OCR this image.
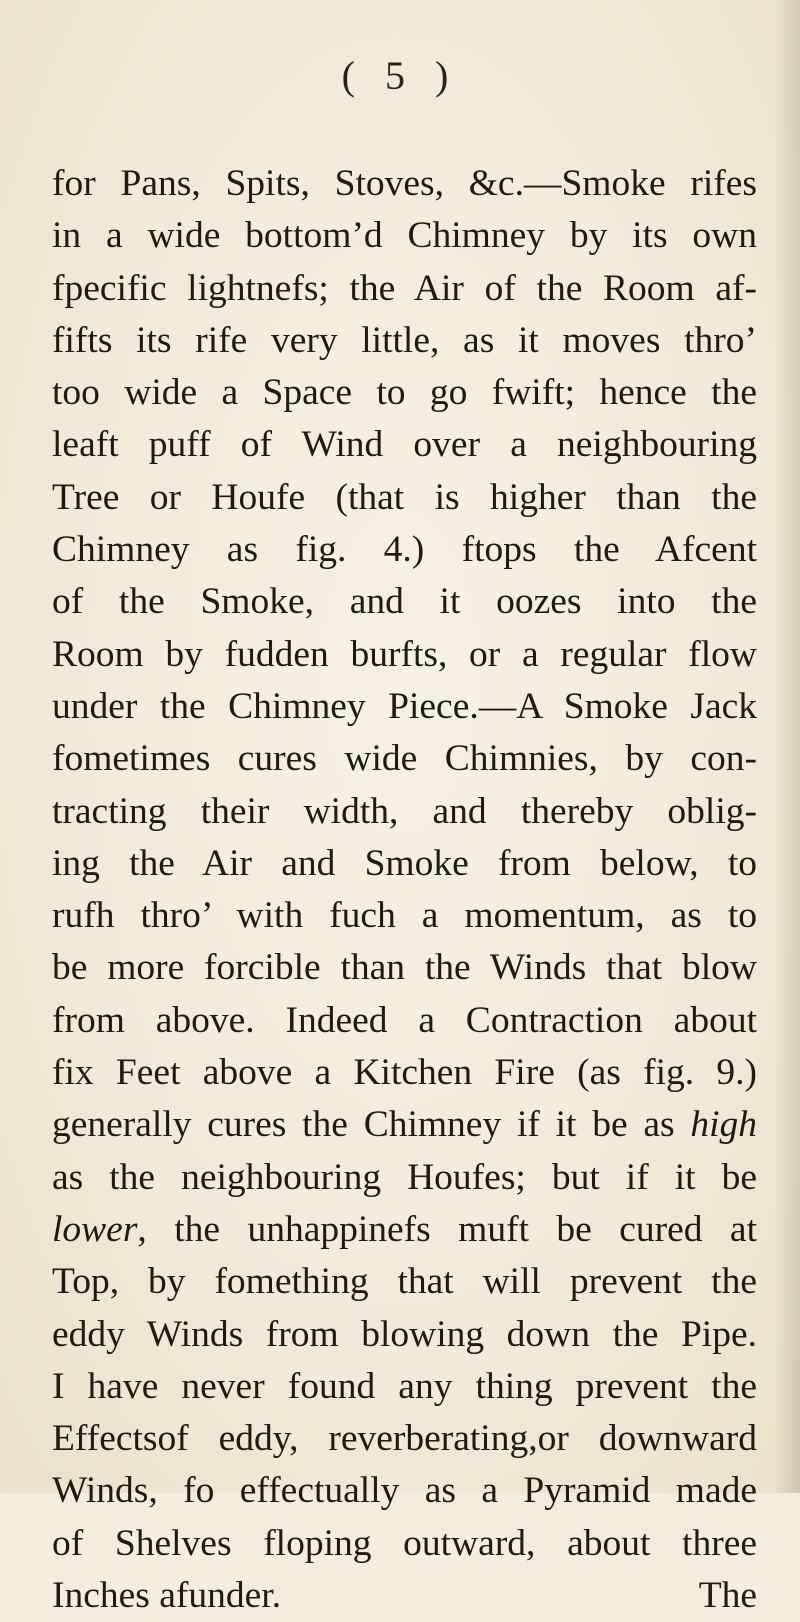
( 5 )
for Pans, Spits, Stoves, &c.—Smoke rifes
in a wide bottom’d Chimney by its own
fpecific lightnefs; the Air of the Room af-
fifts its rife very little, as it moves thro’
too wide a Space to go fwift; hence the
leaft puff of Wind over a neighbouring
Tree or Houfe (that is higher than the
Chimney as fig. 4.) ftops the Afcent
of the Smoke, and it oozes into the
Room by fudden burfts, or a regular flow
under the Chimney Piece.—A Smoke Jack
fometimes cures wide Chimnies, by con-
tracting their width, and thereby oblig-
ing the Air and Smoke from below, to
rufh thro’ with fuch a momentum, as to
be more forcible than the Winds that blow
from above. Indeed a Contraction about
fix Feet above a Kitchen Fire (as fig. 9.)
generally cures the Chimney if it be as high
as the neighbouring Houfes; but if it be
lower, the unhappinefs muft be cured at
Top, by fomething that will prevent the
eddy Winds from blowing down the Pipe.
I have never found any thing prevent the
Effectsof eddy, reverberating,or downward
Winds, fo effectually as a Pyramid made
of Shelves floping outward, about three
Inches afunder.	The
